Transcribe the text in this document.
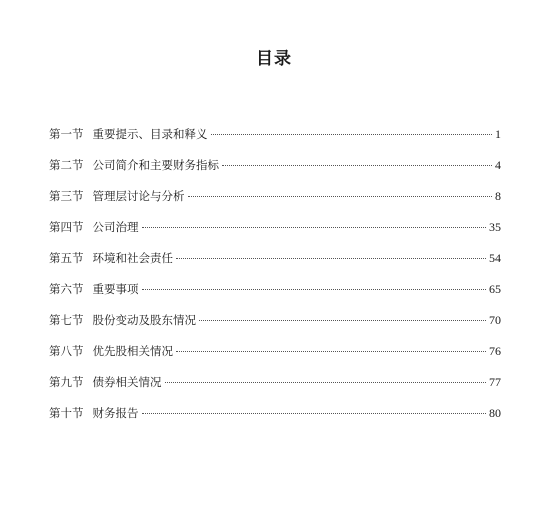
目录
第一节 重要提示、目录和释义	1
第二节 公司简介和主要财务指标	4
第三节 管理层讨论与分析	8
第四节 公司治理	35
第五节 环境和社会责任	54
第六节 重要事项	65
第七节 股份变动及股东情况	70
第八节 优先股相关情况	76
第九节 债券相关情况	77
第十节 财务报告	80
